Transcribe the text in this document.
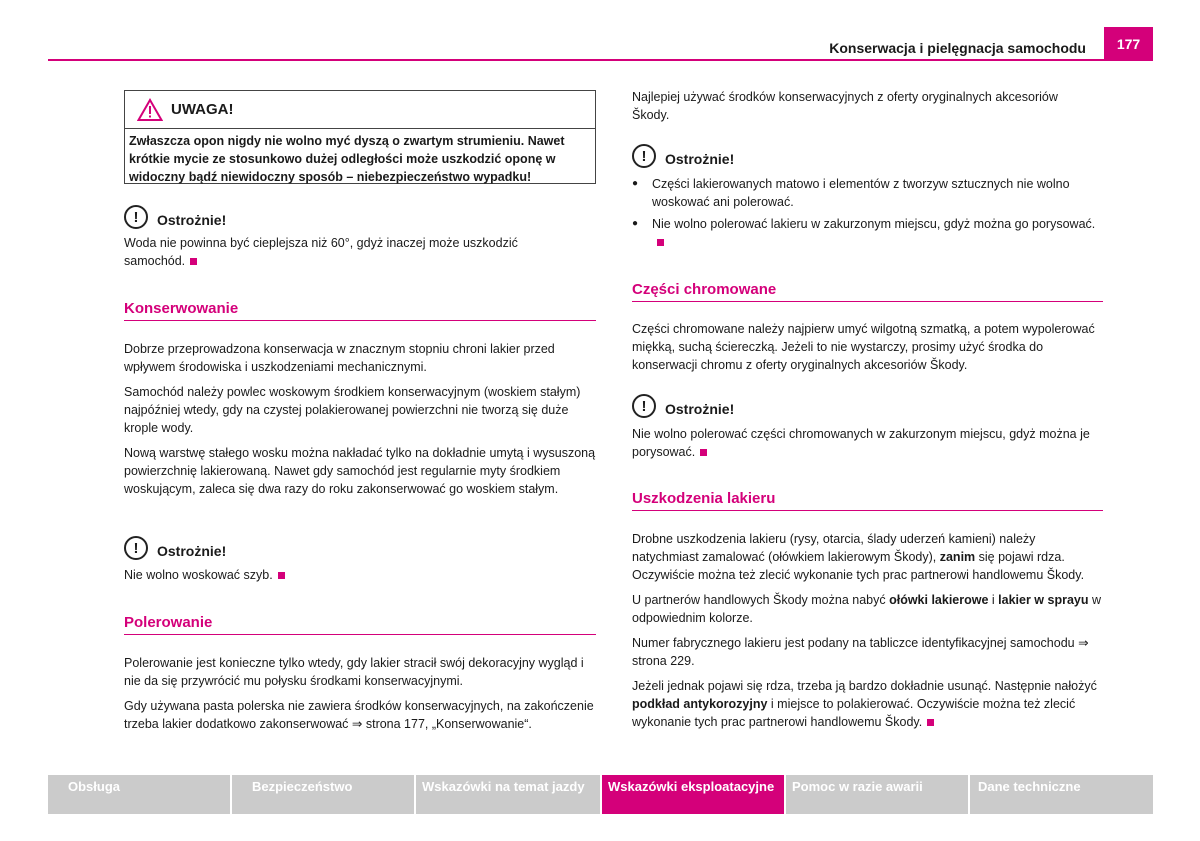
Konserwacja i pielęgnacja samochodu	177
UWAGA!
Zwłaszcza opon nigdy nie wolno myć dyszą o zwartym strumieniu. Nawet krótkie mycie ze stosunkowo dużej odległości może uszkodzić oponę w widoczny bądź niewidoczny sposób – niebezpieczeństwo wypadku!
!	Ostrożnie!

Woda nie powinna być cieplejsza niż 60°, gdyż inaczej może uszkodzić samochód.

Konserwowanie

Dobrze przeprowadzona konserwacja w znacznym stopniu chroni lakier przed wpływem środowiska i uszkodzeniami mechanicznymi.

Samochód należy powlec woskowym środkiem konserwacyjnym (woskiem stałym) najpóźniej wtedy, gdy na czystej polakierowanej powierzchni nie tworzą się duże krople wody.

Nową warstwę stałego wosku można nakładać tylko na dokładnie umytą i wysuszoną powierzchnię lakierowaną. Nawet gdy samochód jest regularnie myty środkiem woskującym, zaleca się dwa razy do roku zakonserwować go woskiem stałym.

!	Ostrożnie!

Nie wolno woskować szyb.

Polerowanie

Polerowanie jest konieczne tylko wtedy, gdy lakier stracił swój dekoracyjny wygląd i nie da się przywrócić mu połysku środkami konserwacyjnymi.

Gdy używana pasta polerska nie zawiera środków konserwacyjnych, na zakończenie trzeba lakier dodatkowo zakonserwować ⇒ strona 177, „Konserwowanie“.

Najlepiej używać środków konserwacyjnych z oferty oryginalnych akcesoriów Škody.

!	Ostrożnie!

● Części lakierowanych matowo i elementów z tworzyw sztucznych nie wolno woskować ani polerować.

● Nie wolno polerować lakieru w zakurzonym miejscu, gdyż można go porysować.

Części chromowane

Części chromowane należy najpierw umyć wilgotną szmatką, a potem wypolerować miękką, suchą ściereczką. Jeżeli to nie wystarczy, prosimy użyć środka do konserwacji chromu z oferty oryginalnych akcesoriów Škody.

!	Ostrożnie!

Nie wolno polerować części chromowanych w zakurzonym miejscu, gdyż można je porysować.

Uszkodzenia lakieru

Drobne uszkodzenia lakieru (rysy, otarcia, ślady uderzeń kamieni) należy natychmiast zamalować (ołówkiem lakierowym Škody), zanim się pojawi rdza. Oczywiście można też zlecić wykonanie tych prac partnerowi handlowemu Škody.

U partnerów handlowych Škody można nabyć ołówki lakierowe i lakier w sprayu w odpowiednim kolorze.

Numer fabrycznego lakieru jest podany na tabliczce identyfikacyjnej samochodu ⇒ strona 229.

Jeżeli jednak pojawi się rdza, trzeba ją bardzo dokładnie usunąć. Następnie nałożyć podkład antykorozyjny i miejsce to polakierować. Oczywiście można też zlecić wykonanie tych prac partnerowi handlowemu Škody.

Obsługa	Bezpieczeństwo	Wskazówki na temat jazdy Wskazówki eksploatacyjne Pomoc w razie awarii	Dane techniczne
